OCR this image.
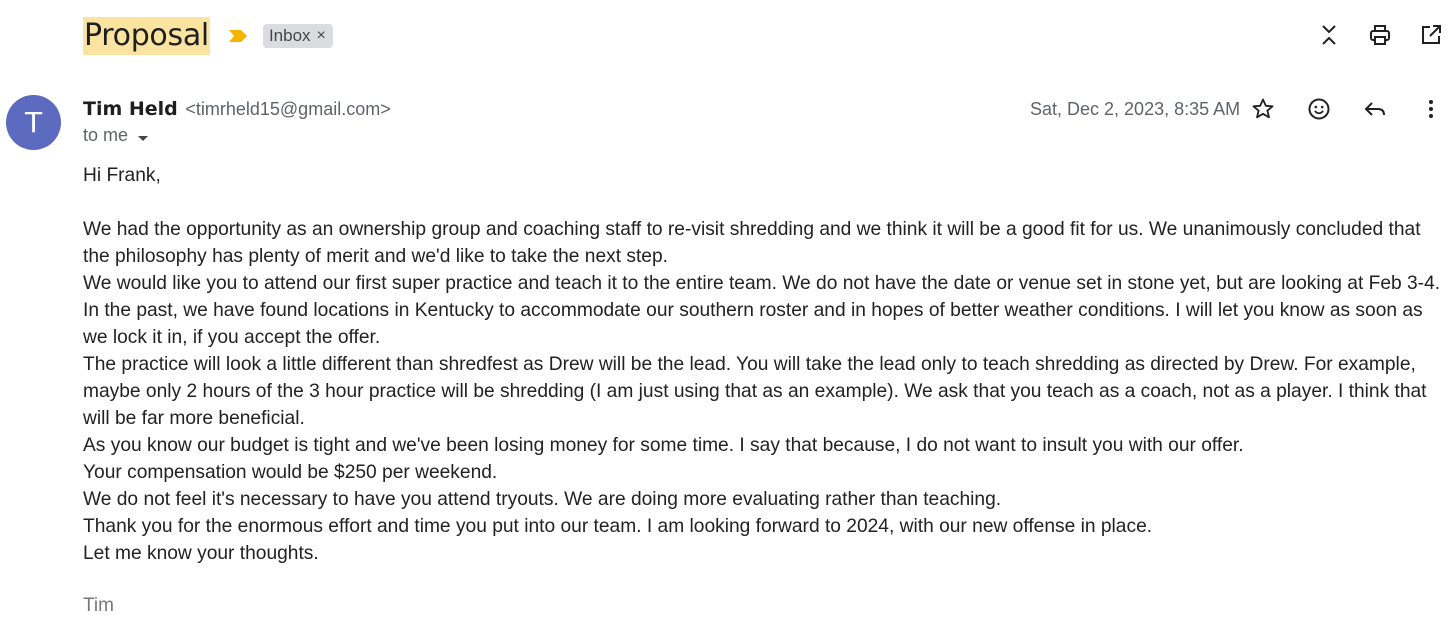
Proposal	Inbox ×
T	Tim Held <timrheld15@gmail.com>
to me
Sat, Dec 2, 2023, 8:35 AM

Hi Frank,

We had the opportunity as an ownership group and coaching staff to re-visit shredding and we think it will be a good fit for us. We unanimously concluded that the philosophy has plenty of merit and we'd like to take the next step.

We would like you to attend our first super practice and teach it to the entire team. We do not have the date or venue set in stone yet, but are looking at Feb 3-4. In the past, we have found locations in Kentucky to accommodate our southern roster and in hopes of better weather conditions. I will let you know as soon as we lock it in, if you accept the offer.

The practice will look a little different than shredfest as Drew will be the lead. You will take the lead only to teach shredding as directed by Drew. For example, maybe only 2 hours of the 3 hour practice will be shredding (I am just using that as an example). We ask that you teach as a coach, not as a player. I think that will be far more beneficial.

As you know our budget is tight and we've been losing money for some time. I say that because, I do not want to insult you with our offer.

Your compensation would be $250 per weekend.

We do not feel it's necessary to have you attend tryouts. We are doing more evaluating rather than teaching.

Thank you for the enormous effort and time you put into our team. I am looking forward to 2024, with our new offense in place.

Let me know your thoughts.

Tim
